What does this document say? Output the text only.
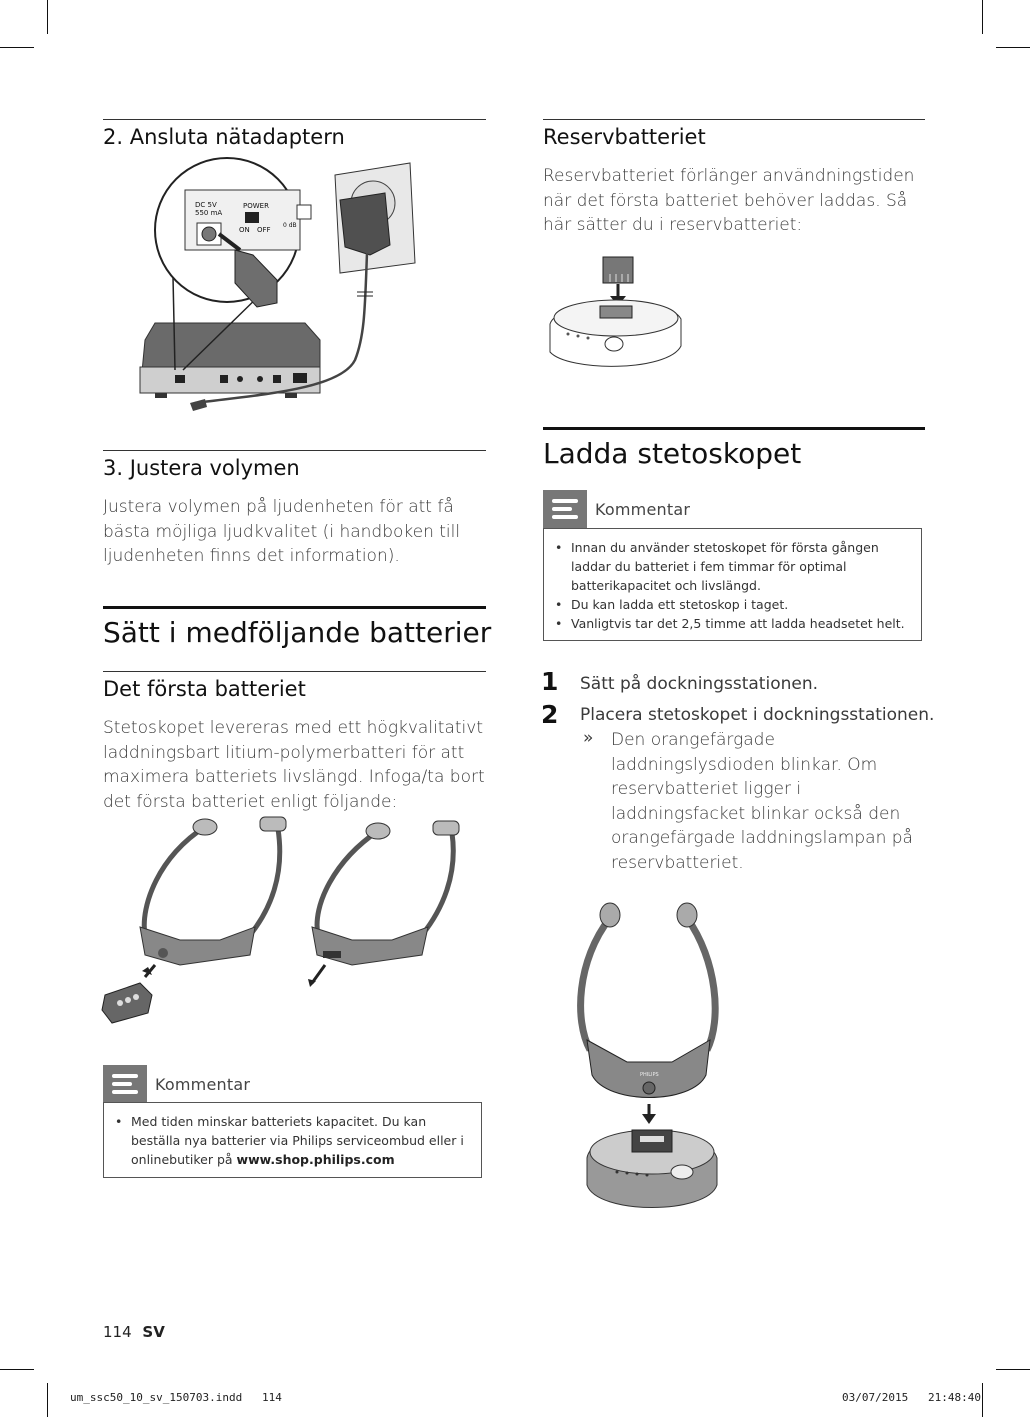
2. Ansluta nätadaptern
DC 5V
550 mA
POWER
ON OFF
0 dB
3. Justera volymen
Justera volymen på ljudenheten för att få bästa möjliga ljudkvalitet (i handboken till ljudenheten finns det information).
Sätt i medföljande batterier
Det första batteriet
Stetoskopet levereras med ett högkvalitativt laddningsbart litium-polymerbatteri för att maximera batteriets livslängd. Infoga/ta bort det första batteriet enligt följande:
Kommentar
• Med tiden minskar batteriets kapacitet. Du kan beställa nya batterier via Philips serviceombud eller i onlinebutiker på www.shop.philips.com
114 SV
Reservbatteriet
Reservbatteriet förlänger användningstiden när det första batteriet behöver laddas. Så här sätter du i reservbatteriet:
Ladda stetoskopet
Kommentar
• Innan du använder stetoskopet för första gången laddar du batteriet i fem timmar för optimal batterikapacitet och livslängd.
• Du kan ladda ett stetoskop i taget.
• Vanligtvis tar det 2,5 timme att ladda headsetet helt.
1 Sätt på dockningsstationen.
2 Placera stetoskopet i dockningsstationen.
» Den orangefärgade laddningslysdioden blinkar. Om reservbatteriet ligger i laddningsfacket blinkar också den orangefärgade laddningslampan på reservbatteriet.
PHILIPS
um_ssc50_10_sv_150703.indd   114	03/07/2015 21:48:40
